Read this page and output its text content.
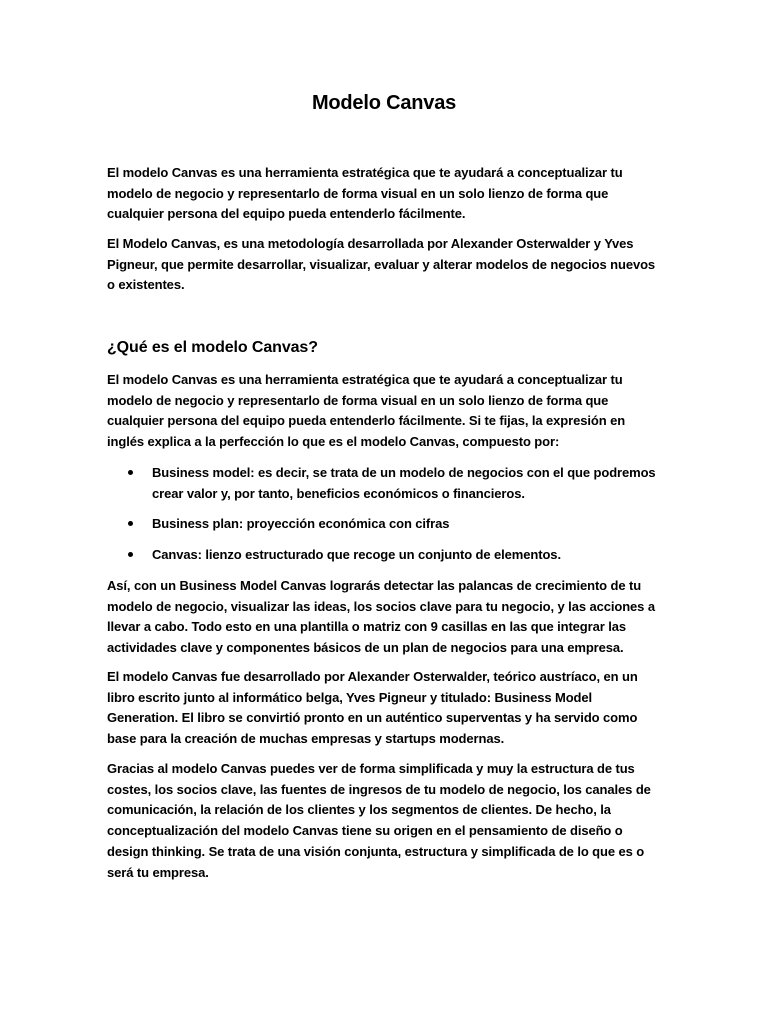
Modelo Canvas

El modelo Canvas es una herramienta estratégica que te ayudará a conceptualizar tu modelo de negocio y representarlo de forma visual en un solo lienzo de forma que cualquier persona del equipo pueda entenderlo fácilmente.

El Modelo Canvas, es una metodología desarrollada por Alexander Osterwalder y Yves Pigneur, que permite desarrollar, visualizar, evaluar y alterar modelos de negocios nuevos o existentes.

¿Qué es el modelo Canvas?

El modelo Canvas es una herramienta estratégica que te ayudará a conceptualizar tu modelo de negocio y representarlo de forma visual en un solo lienzo de forma que cualquier persona del equipo pueda entenderlo fácilmente. Si te fijas, la expresión en inglés explica a la perfección lo que es el modelo Canvas, compuesto por:

Business model: es decir, se trata de un modelo de negocios con el que podremos crear valor y, por tanto, beneficios económicos o financieros.
Business plan: proyección económica con cifras
Canvas: lienzo estructurado que recoge un conjunto de elementos.

Así, con un Business Model Canvas lograrás detectar las palancas de crecimiento de tu modelo de negocio, visualizar las ideas, los socios clave para tu negocio, y las acciones a llevar a cabo. Todo esto en una plantilla o matriz con 9 casillas en las que integrar las actividades clave y componentes básicos de un plan de negocios para una empresa.

El modelo Canvas fue desarrollado por Alexander Osterwalder, teórico austríaco, en un libro escrito junto al informático belga, Yves Pigneur y titulado: Business Model Generation. El libro se convirtió pronto en un auténtico superventas y ha servido como base para la creación de muchas empresas y startups modernas.

Gracias al modelo Canvas puedes ver de forma simplificada y muy la estructura de tus costes, los socios clave, las fuentes de ingresos de tu modelo de negocio, los canales de comunicación, la relación de los clientes y los segmentos de clientes. De hecho, la conceptualización del modelo Canvas tiene su origen en el pensamiento de diseño o design thinking. Se trata de una visión conjunta, estructura y simplificada de lo que es o será tu empresa.
